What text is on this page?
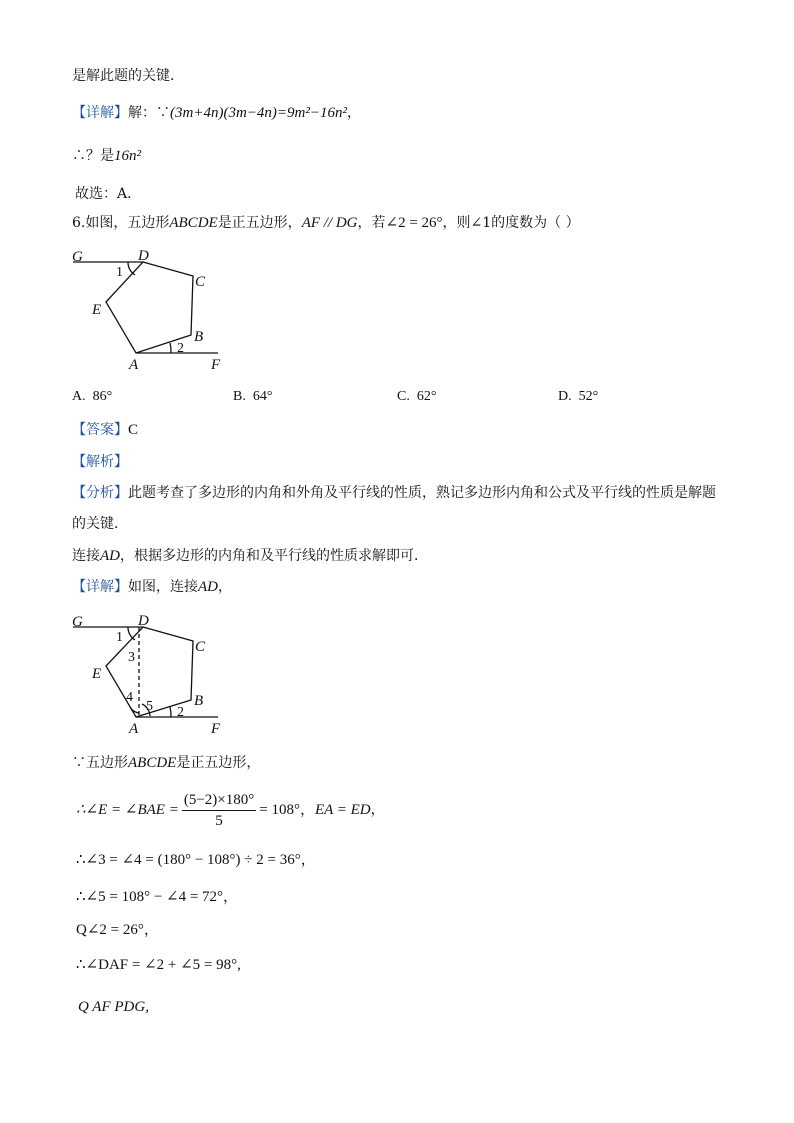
是解此题的关键．
【详解】解：∵(3m+4n)(3m−4n)=9m²−16n²，
∴？是16n²
故选：A．
6.如图，五边形ABCDE是正五边形，AF // DG，若∠2 = 26°，则∠1的度数为（ ）
G	D
C
E
B
A	F
1
2
A. 86°	B. 64°	C. 62°	D. 52°
【答案】C
【解析】
【分析】此题考查了多边形的内角和外角及平行线的性质，熟记多边形内角和公式及平行线的性质是解题
的关键．
连接AD，根据多边形的内角和及平行线的性质求解即可．
【详解】如图，连接AD，
G	D
C
E
B
A	F
1
3
4
5 2
∵五边形ABCDE是正五边形，
∴∠E = ∠BAE = $\frac{(5-2)\times 180^\circ}{5} = 108^\circ$，EA = ED，
∴∠3 = ∠4 = (180° − 108°) ÷ 2 = 36°，
∴∠5 = 108° − ∠4 = 72°，
Q∠2 = 26°，
∴∠DAF = ∠2 + ∠5 = 98°,
Q AF PDG,
